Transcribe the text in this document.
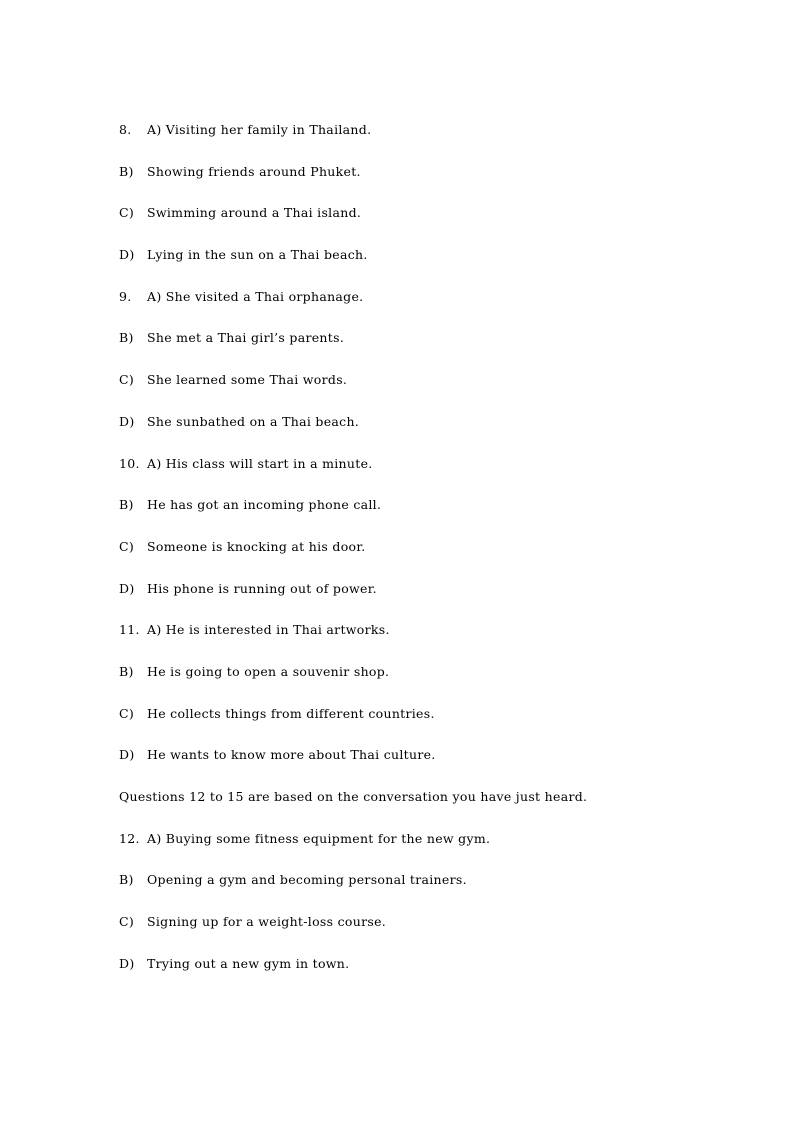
8. A) Visiting her family in Thailand.
B) Showing friends around Phuket.
C) Swimming around a Thai island.
D) Lying in the sun on a Thai beach.
9. A) She visited a Thai orphanage.
B) She met a Thai girl’s parents.
C) She learned some Thai words.
D) She sunbathed on a Thai beach.
10. A) His class will start in a minute.
B) He has got an incoming phone call.
C) Someone is knocking at his door.
D) His phone is running out of power.
11. A) He is interested in Thai artworks.
B) He is going to open a souvenir shop.
C) He collects things from different countries.
D) He wants to know more about Thai culture.
Questions 12 to 15 are based on the conversation you have just heard.
12. A) Buying some fitness equipment for the new gym.
B) Opening a gym and becoming personal trainers.
C) Signing up for a weight-loss course.
D) Trying out a new gym in town.
